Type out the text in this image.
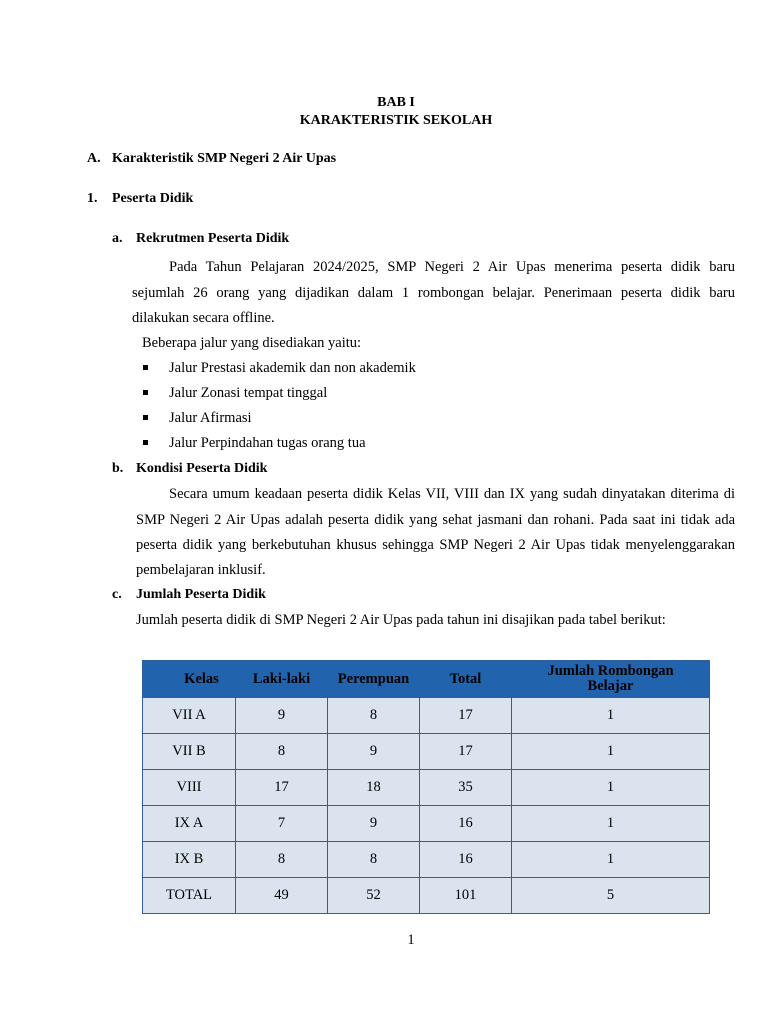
BAB I
KARAKTERISTIK SEKOLAH
A. Karakteristik SMP Negeri 2 Air Upas
1. Peserta Didik
a. Rekrutmen Peserta Didik
Pada Tahun Pelajaran 2024/2025, SMP Negeri 2 Air Upas menerima peserta didik baru
sejumlah 26 orang yang dijadikan dalam 1 rombongan belajar. Penerimaan peserta didik baru
dilakukan secara offline.
Beberapa jalur yang disediakan yaitu:
Jalur Prestasi akademik dan non akademik
Jalur Zonasi tempat tinggal
Jalur Afirmasi
Jalur Perpindahan tugas orang tua
b. Kondisi Peserta Didik
Secara umum keadaan peserta didik Kelas VII, VIII dan IX yang sudah dinyatakan diterima di
SMP Negeri 2 Air Upas adalah peserta didik yang sehat jasmani dan rohani. Pada saat ini tidak ada
peserta didik yang berkebutuhan khusus sehingga SMP Negeri 2 Air Upas tidak menyelenggarakan
pembelajaran inklusif.
c. Jumlah Peserta Didik
Jumlah peserta didik di SMP Negeri 2 Air Upas pada tahun ini disajikan pada tabel berikut:
Kelas	Laki-laki	Perempuan	Total	Jumlah Rombongan Belajar
VII A	9	8	17	1
VII B	8	9	17	1
VIII	17	18	35	1
IX A	7	9	16	1
IX B	8	8	16	1
TOTAL	49	52	101	5
1
